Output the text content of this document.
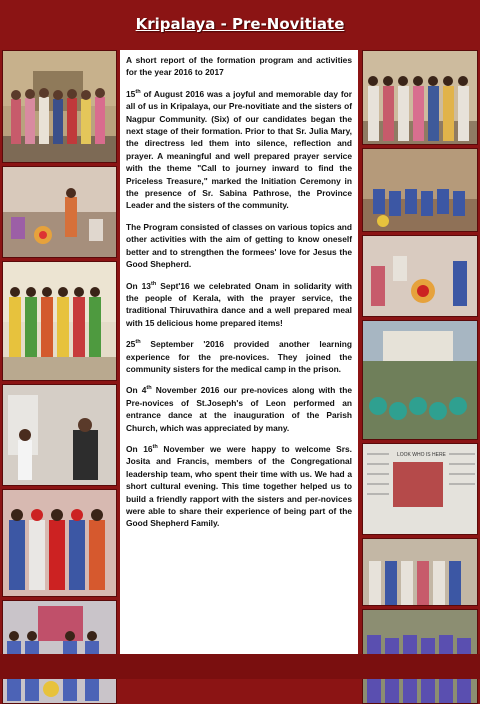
Kripalaya - Pre-Novitiate

A short report of the formation program and activities for the year 2016 to 2017

15th of August 2016 was a joyful and memorable day for all of us in Kripalaya, our Pre-novitiate and the sisters of Nagpur Community. (Six) of our candidates began the next stage of their formation. Prior to that Sr. Julia Mary, the directress led them into silence, reflection and prayer. A meaningful and well prepared prayer service with the theme "Call to journey inward to find the Priceless Treasure," marked the Initiation Ceremony in the presence of Sr. Sabina Pathrose, the Province Leader and the sisters of the community.

The Program consisted of classes on various topics and other activities with the aim of getting to know oneself better and to strengthen the formees' love for Jesus the Good Shepherd.

On 13th Sept'16 we celebrated Onam in solidarity with the people of Kerala, with the prayer service, the traditional Thiruvathira dance and a well prepared meal with 15 delicious home prepared items!

25th September '2016 provided another learning experience for the pre-novices. They joined the community sisters for the medical camp in the prison.

On 4th November 2016 our pre-novices along with the Pre-novices of St.Joseph's of Leon performed an entrance dance at the inauguration of the Parish Church, which was appreciated by many.

On 16th November we were happy to welcome Srs. Josita and Francis, members of the Congregational leadership team, who spent their time with us. We had a short cultural evening. This time together helped us to build a friendly rapport with the sisters and per-novices were able to share their experience of being part of the Good Shepherd Family.

LOOK WHO IS HERE
